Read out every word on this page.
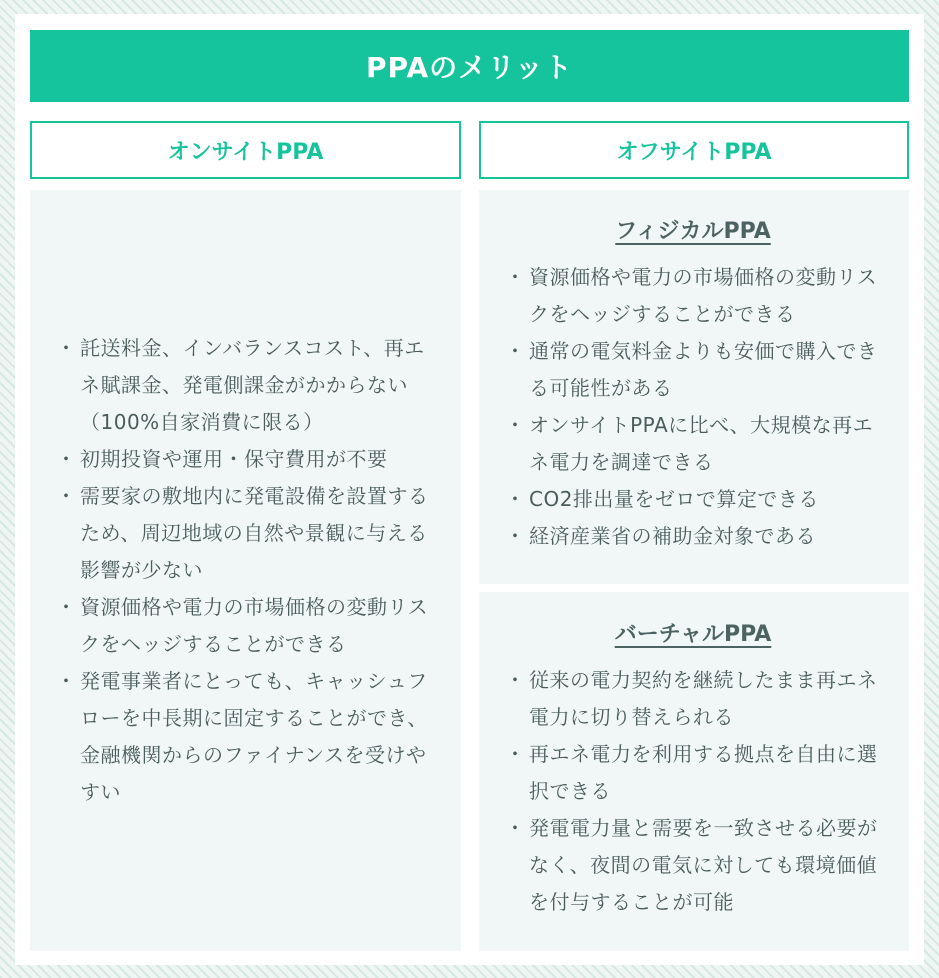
PPAのメリット
オンサイトPPA	オフサイトPPA
・ 託送料金、インバランスコスト、再エネ賦課金、発電側課金がかからない（100%自家消費に限る）
・ 初期投資や運用・保守費用が不要
・ 需要家の敷地内に発電設備を設置するため、周辺地域の自然や景観に与える影響が少ない
・ 資源価格や電力の市場価格の変動リスクをヘッジすることができる
・ 発電事業者にとっても、キャッシュフローを中長期に固定することができ、金融機関からのファイナンスを受けやすい
フィジカルPPA
・ 資源価格や電力の市場価格の変動リスクをヘッジすることができる
・ 通常の電気料金よりも安価で購入できる可能性がある
・ オンサイトPPAに比べ、大規模な再エネ電力を調達できる
・ CO2排出量をゼロで算定できる
・ 経済産業省の補助金対象である
バーチャルPPA
・ 従来の電力契約を継続したまま再エネ電力に切り替えられる
・ 再エネ電力を利用する拠点を自由に選択できる
・ 発電電力量と需要を一致させる必要がなく、夜間の電気に対しても環境価値を付与することが可能
